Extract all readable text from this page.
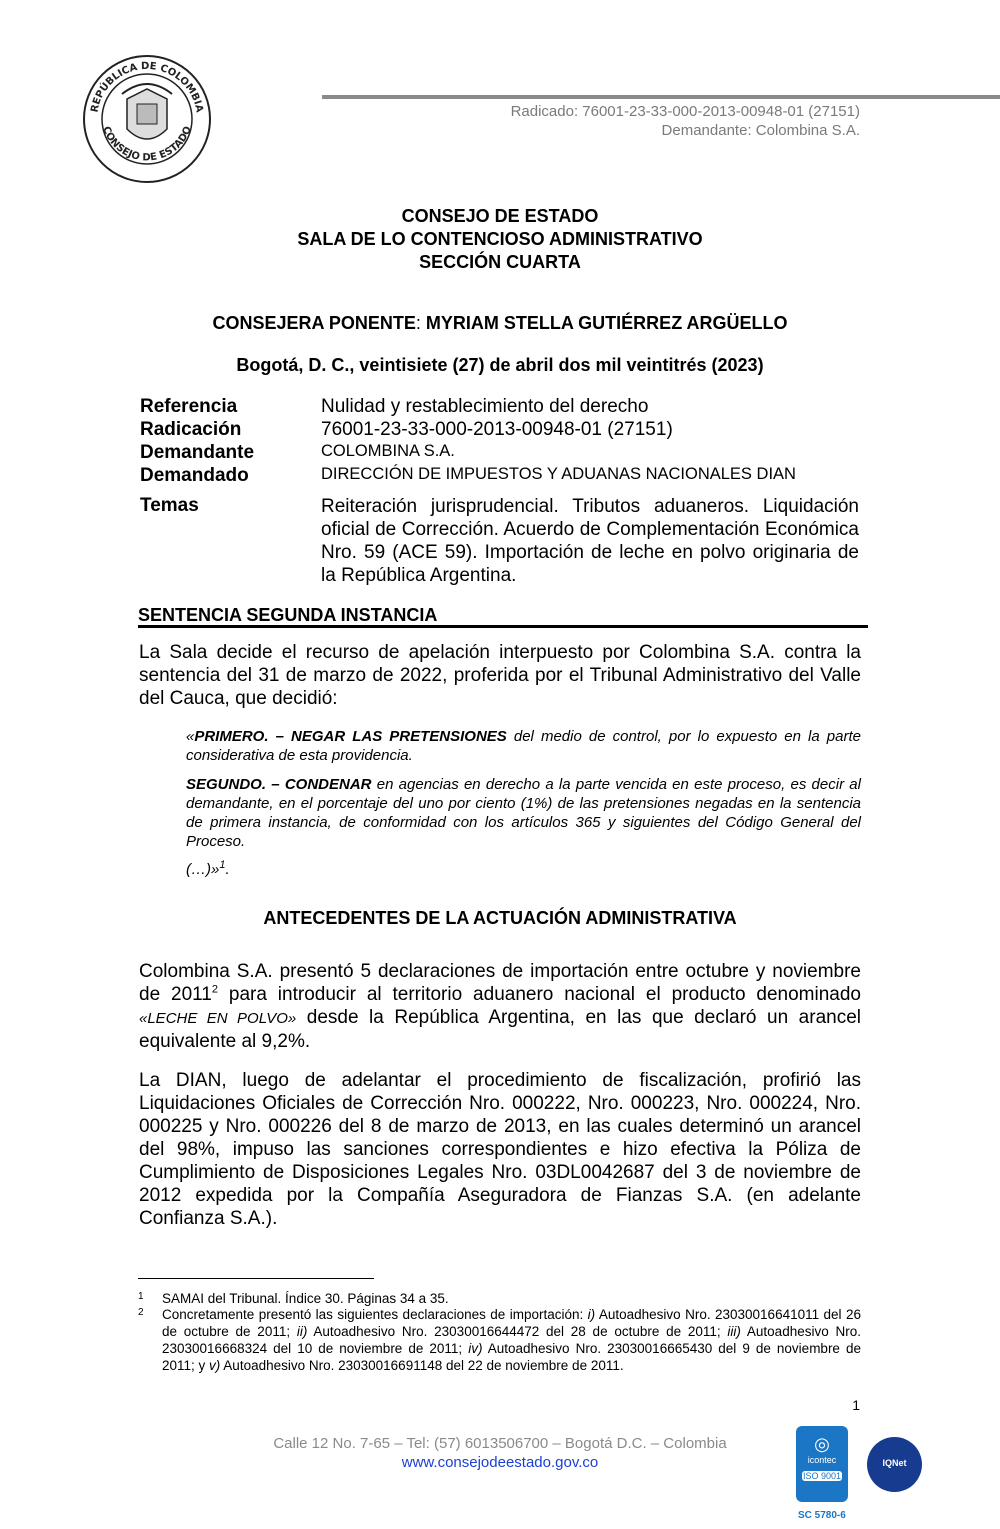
REPÚBLICA DE COLOMBIA
CONSEJO DE ESTADO
Radicado: 76001-23-33-000-2013-00948-01 (27151)
Demandante: Colombina S.A.
CONSEJO DE ESTADO
SALA DE LO CONTENCIOSO ADMINISTRATIVO
SECCIÓN CUARTA
CONSEJERA PONENTE: MYRIAM STELLA GUTIÉRREZ ARGÜELLO
Bogotá, D. C., veintisiete (27) de abril dos mil veintitrés (2023)
Referencia	Nulidad y restablecimiento del derecho
Radicación	76001-23-33-000-2013-00948-01 (27151)
Demandante	COLOMBINA S.A.
Demandado	DIRECCIÓN DE IMPUESTOS Y ADUANAS NACIONALES DIAN
Temas	Reiteración jurisprudencial. Tributos aduaneros. Liquidación oficial de Corrección. Acuerdo de Complementación Económica Nro. 59 (ACE 59). Importación de leche en polvo originaria de la República Argentina.
SENTENCIA SEGUNDA INSTANCIA
La Sala decide el recurso de apelación interpuesto por Colombina S.A. contra la sentencia del 31 de marzo de 2022, proferida por el Tribunal Administrativo del Valle del Cauca, que decidió:
«PRIMERO. – NEGAR LAS PRETENSIONES del medio de control, por lo expuesto en la parte considerativa de esta providencia.
SEGUNDO. – CONDENAR en agencias en derecho a la parte vencida en este proceso, es decir al demandante, en el porcentaje del uno por ciento (1%) de las pretensiones negadas en la sentencia de primera instancia, de conformidad con los artículos 365 y siguientes del Código General del Proceso.
(…)»$^1$.
ANTECEDENTES DE LA ACTUACIÓN ADMINISTRATIVA
Colombina S.A. presentó 5 declaraciones de importación entre octubre y noviembre de 2011$^2$ para introducir al territorio aduanero nacional el producto denominado «LECHE EN POLVO» desde la República Argentina, en las que declaró un arancel equivalente al 9,2%.
La DIAN, luego de adelantar el procedimiento de fiscalización, profirió las Liquidaciones Oficiales de Corrección Nro. 000222, Nro. 000223, Nro. 000224, Nro. 000225 y Nro. 000226 del 8 de marzo de 2013, en las cuales determinó un arancel del 98%, impuso las sanciones correspondientes e hizo efectiva la Póliza de Cumplimiento de Disposiciones Legales Nro. 03DL0042687 del 3 de noviembre de 2012 expedida por la Compañía Aseguradora de Fianzas S.A. (en adelante Confianza S.A.).
1 SAMAI del Tribunal. Índice 30. Páginas 34 a 35.
2 Concretamente presentó las siguientes declaraciones de importación: i) Autoadhesivo Nro. 23030016641011 del 26 de octubre de 2011; ii) Autoadhesivo Nro. 23030016644472 del 28 de octubre de 2011; iii) Autoadhesivo Nro. 23030016668324 del 10 de noviembre de 2011; iv) Autoadhesivo Nro. 23030016665430 del 9 de noviembre de 2011; y v) Autoadhesivo Nro. 23030016691148 del 22 de noviembre de 2011.
1
Calle 12 No. 7-65 – Tel: (57) 6013506700 – Bogotá D.C. – Colombia
www.consejodeestado.gov.co
◎
icontec
ISO 9001
IQNet
SC 5780-6
